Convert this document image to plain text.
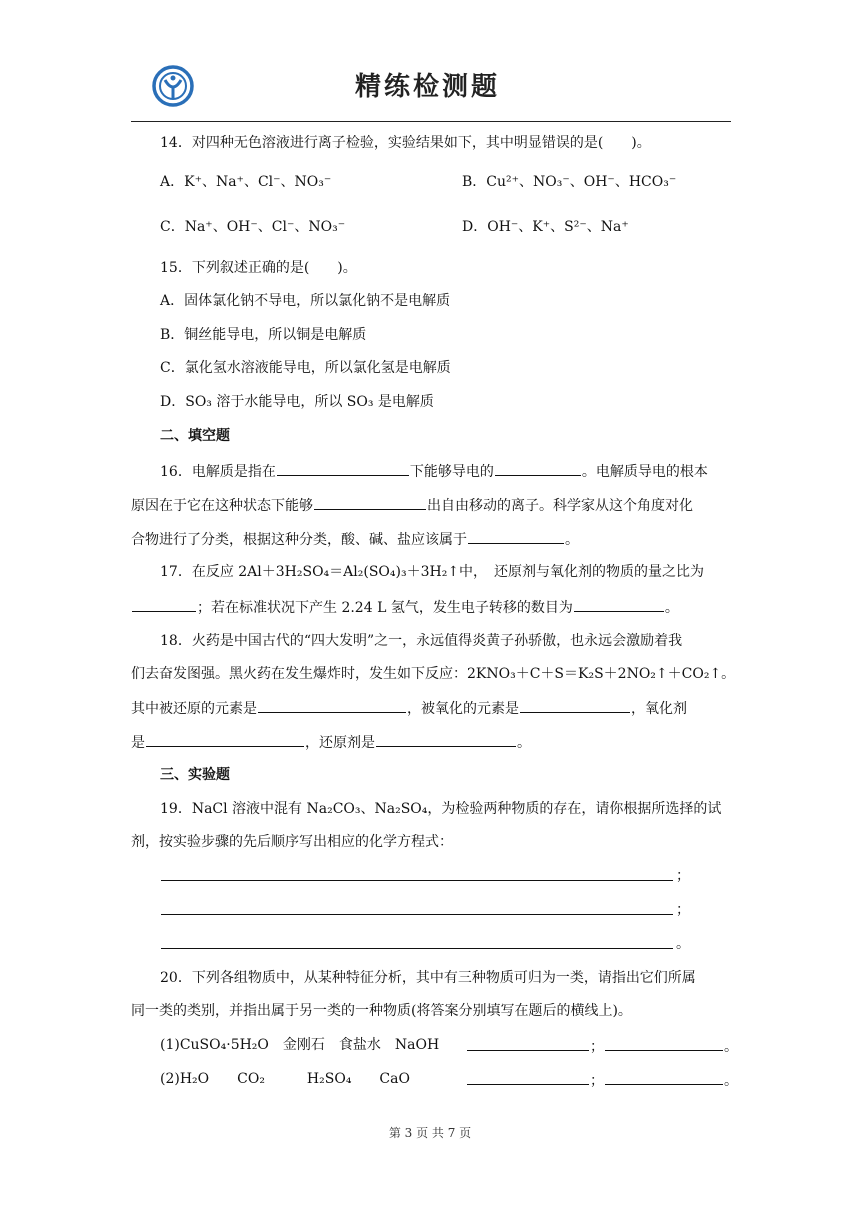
精练检测题
14．对四种无色溶液进行离子检验，实验结果如下，其中明显错误的是(　　)。
A．K⁺、Na⁺、Cl⁻、NO₃⁻	B．Cu²⁺、NO₃⁻、OH⁻、HCO₃⁻
C．Na⁺、OH⁻、Cl⁻、NO₃⁻	D．OH⁻、K⁺、S²⁻、Na⁺
15．下列叙述正确的是(　　)。
A．固体氯化钠不导电，所以氯化钠不是电解质
B．铜丝能导电，所以铜是电解质
C．氯化氢水溶液能导电，所以氯化氢是电解质
D．SO₃ 溶于水能导电，所以 SO₃ 是电解质
二、填空题
16．电解质是指在	下能够导电的	。电解质导电的根本
原因在于它在这种状态下能够	出自由移动的离子。科学家从这个角度对化
合物进行了分类，根据这种分类，酸、碱、盐应该属于	。
17．在反应 2Al＋3H₂SO₄＝Al₂(SO₄)₃＋3H₂↑中，　还原剂与氧化剂的物质的量之比为
；若在标准状况下产生 2.24 L 氢气，发生电子转移的数目为	。
18．火药是中国古代的“四大发明”之一，永远值得炎黄子孙骄傲，也永远会激励着我
们去奋发图强。黑火药在发生爆炸时，发生如下反应：2KNO₃＋C＋S＝K₂S＋2NO₂↑＋CO₂↑。
其中被还原的元素是	，被氧化的元素是	，氧化剂
是	，还原剂是	。
三、实验题
19．NaCl 溶液中混有 Na₂CO₃、Na₂SO₄，为检验两种物质的存在，请你根据所选择的试
剂，按实验步骤的先后顺序写出相应的化学方程式：
；
；
。
20．下列各组物质中，从某种特征分析，其中有三种物质可归为一类，请指出它们所属
同一类的类别，并指出属于另一类的一种物质(将答案分别填写在题后的横线上)。
(1)CuSO₄·5H₂O　金刚石　食盐水　NaOH	；	。
(2)H₂O　　CO₂　　　H₂SO₄　　CaO	；	。
第 3 页 共 7 页
